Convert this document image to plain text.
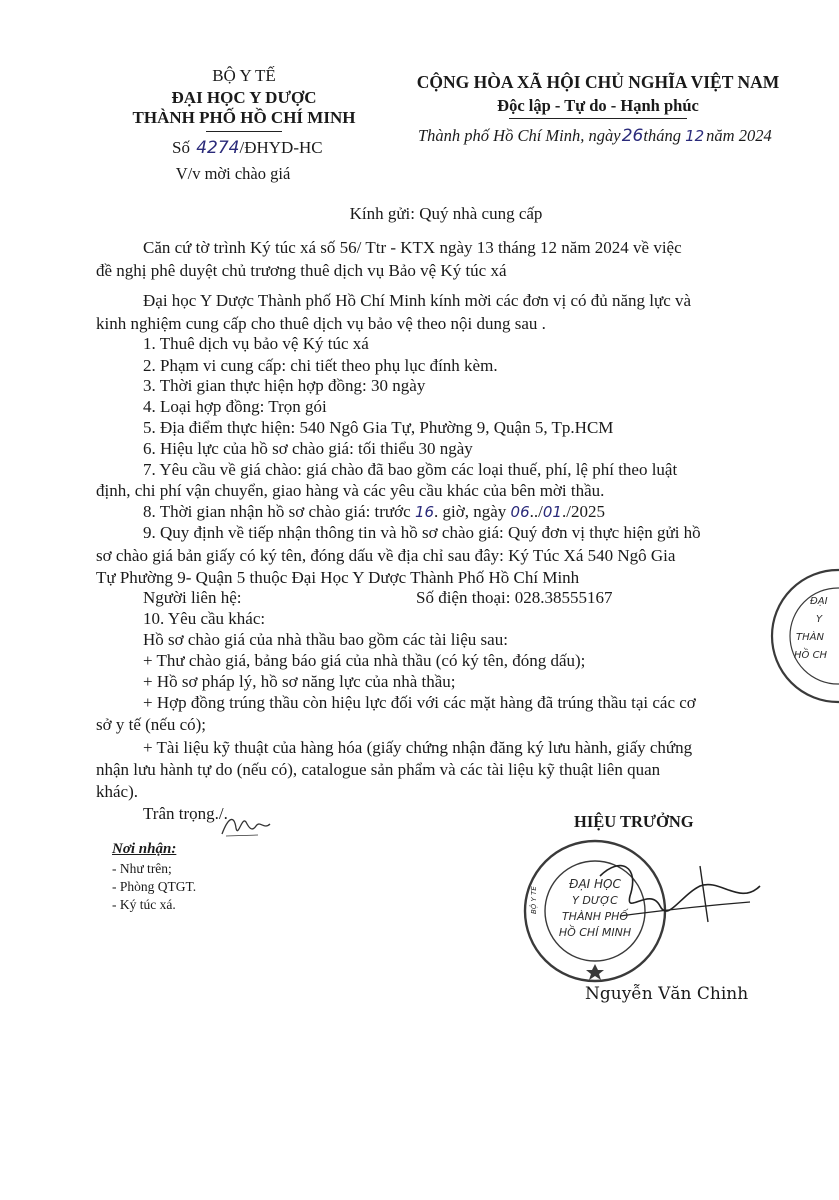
BỘ Y TẾ
ĐẠI HỌC Y DƯỢC
THÀNH PHỐ HỒ CHÍ MINH
Số 4274/ĐHYD-HC
V/v mời chào giá
CỘNG HÒA XÃ HỘI CHỦ NGHĨA VIỆT NAM
Độc lập - Tự do - Hạnh phúc
Thành phố Hồ Chí Minh, ngày 26tháng 12 năm 2024
Kính gửi: Quý nhà cung cấp
Căn cứ tờ trình Ký túc xá số 56/ Ttr - KTX ngày 13 tháng 12 năm 2024 về việc
đề nghị phê duyệt chủ trương thuê dịch vụ Bảo vệ Ký túc xá
Đại học Y Dược Thành phố Hồ Chí Minh kính mời các đơn vị có đủ năng lực và
kinh nghiệm cung cấp cho thuê dịch vụ bảo vệ theo nội dung sau .
1. Thuê dịch vụ bảo vệ Ký túc xá
2. Phạm vi cung cấp: chi tiết theo phụ lục đính kèm.
3. Thời gian thực hiện hợp đồng: 30 ngày
4. Loại hợp đồng: Trọn gói
5. Địa điểm thực hiện: 540 Ngô Gia Tự, Phường 9, Quận 5, Tp.HCM
6. Hiệu lực của hồ sơ chào giá: tối thiểu 30 ngày
7. Yêu cầu về giá chào: giá chào đã bao gồm các loại thuế, phí, lệ phí theo luật
định, chi phí vận chuyển, giao hàng và các yêu cầu khác của bên mời thầu.
8. Thời gian nhận hồ sơ chào giá: trước 16. giờ, ngày 06../01./2025
9. Quy định về tiếp nhận thông tin và hồ sơ chào giá: Quý đơn vị thực hiện gửi hồ
sơ chào giá bản giấy có ký tên, đóng dấu về địa chỉ sau đây: Ký Túc Xá 540 Ngô Gia
Tự Phường 9- Quận 5 thuộc Đại Học Y Dược Thành Phố Hồ Chí Minh
Người liên hệ:	Số điện thoại: 028.38555167
10. Yêu cầu khác:
Hồ sơ chào giá của nhà thầu bao gồm các tài liệu sau:
+ Thư chào giá, bảng báo giá của nhà thầu (có ký tên, đóng dấu);
+ Hồ sơ pháp lý, hồ sơ năng lực của nhà thầu;
+ Hợp đồng trúng thầu còn hiệu lực đối với các mặt hàng đã trúng thầu tại các cơ
sở y tế (nếu có);
+ Tài liệu kỹ thuật của hàng hóa (giấy chứng nhận đăng ký lưu hành, giấy chứng
nhận lưu hành tự do (nếu có), catalogue sản phẩm và các tài liệu kỹ thuật liên quan
khác).
Trân trọng./.
Nơi nhận:
- Như trên;
- Phòng QTGT.
- Ký túc xá.
ĐẠI HỌC
Y DƯỢC
THÀNH PHỐ
HỒ CHÍ MINH
BỘ Y TẾ
HIỆU TRƯỞNG
Nguyễn Văn Chinh
ĐẠI
Y
THÀN
HỒ CH
